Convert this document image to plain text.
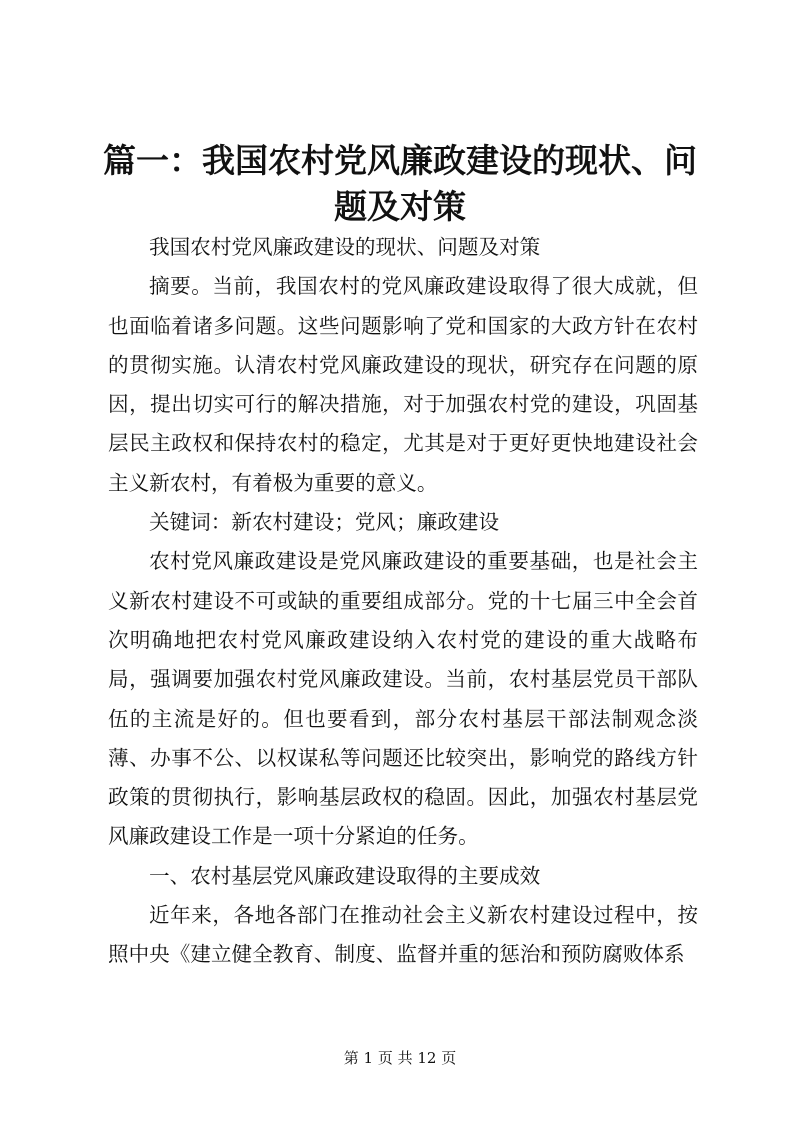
篇一：我国农村党风廉政建设的现状、问题及对策

我国农村党风廉政建设的现状、问题及对策

摘要。当前，我国农村的党风廉政建设取得了很大成就，但也面临着诸多问题。这些问题影响了党和国家的大政方针在农村的贯彻实施。认清农村党风廉政建设的现状，研究存在问题的原因，提出切实可行的解决措施，对于加强农村党的建设，巩固基层民主政权和保持农村的稳定，尤其是对于更好更快地建设社会主义新农村，有着极为重要的意义。

关键词：新农村建设；党风；廉政建设

农村党风廉政建设是党风廉政建设的重要基础，也是社会主义新农村建设不可或缺的重要组成部分。党的十七届三中全会首次明确地把农村党风廉政建设纳入农村党的建设的重大战略布局，强调要加强农村党风廉政建设。当前，农村基层党员干部队伍的主流是好的。但也要看到，部分农村基层干部法制观念淡薄、办事不公、以权谋私等问题还比较突出，影响党的路线方针政策的贯彻执行，影响基层政权的稳固。因此，加强农村基层党风廉政建设工作是一项十分紧迫的任务。

一、农村基层党风廉政建设取得的主要成效

近年来，各地各部门在推动社会主义新农村建设过程中，按照中央《建立健全教育、制度、监督并重的惩治和预防腐败体系

第 1 页 共 12 页
